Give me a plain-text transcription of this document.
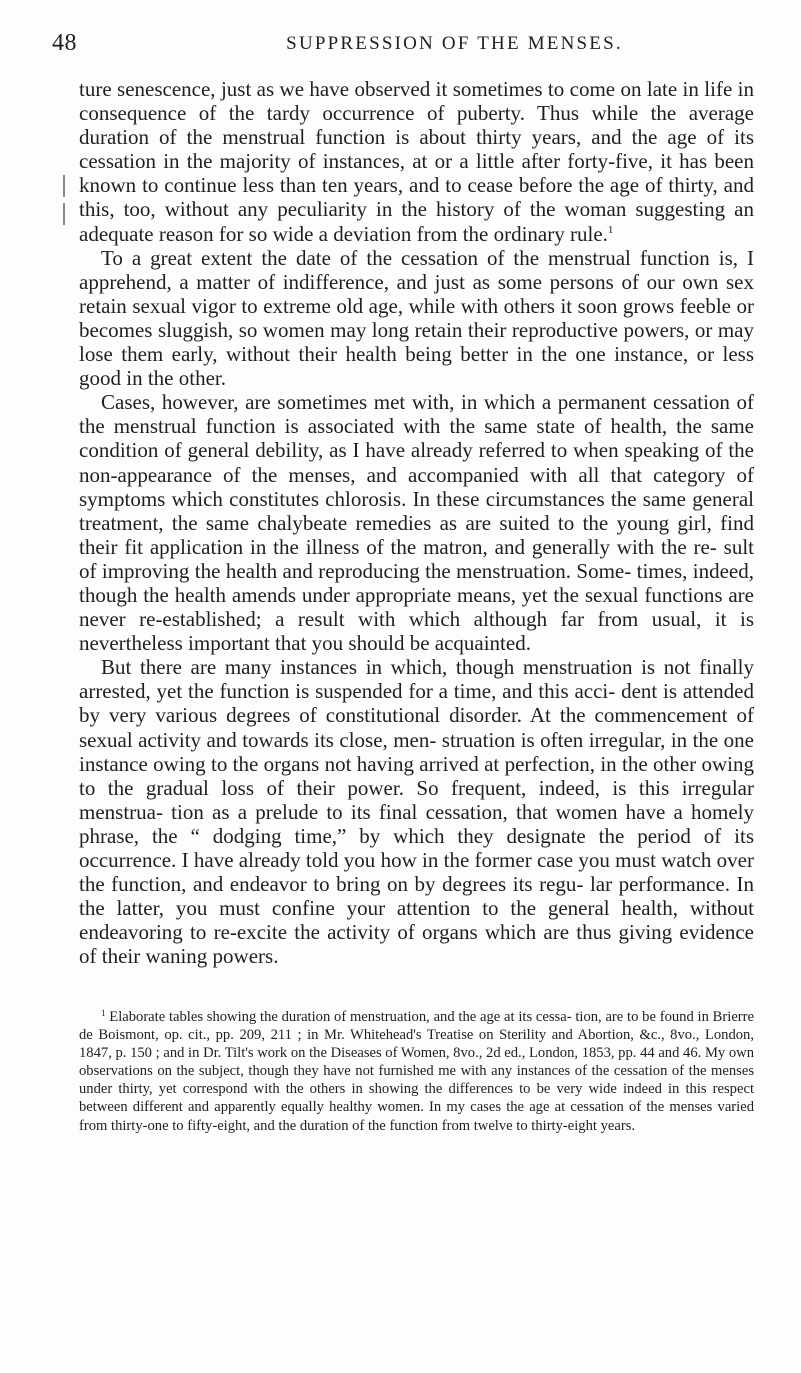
48	SUPPRESSION OF THE MENSES.

ture senescence, just as we have observed it sometimes to come on late in life in consequence of the tardy occurrence of puberty. Thus while the average duration of the menstrual function is about thirty years, and the age of its cessation in the majority of instances, at or a little after forty-five, it has been known to continue less than ten years, and to cease before the age of thirty, and this, too, without any peculiarity in the history of the woman suggesting an adequate reason for so wide a deviation from the ordinary rule.$^1$

To a great extent the date of the cessation of the menstrual function is, I apprehend, a matter of indifference, and just as some persons of our own sex retain sexual vigor to extreme old age, while with others it soon grows feeble or becomes sluggish, so women may long retain their reproductive powers, or may lose them early, without their health being better in the one instance, or less good in the other.

Cases, however, are sometimes met with, in which a permanent cessation of the menstrual function is associated with the same state of health, the same condition of general debility, as I have already referred to when speaking of the non-appearance of the menses, and accompanied with all that category of symptoms which constitutes chlorosis. In these circumstances the same general treatment, the same chalybeate remedies as are suited to the young girl, find their fit application in the illness of the matron, and generally with the re- sult of improving the health and reproducing the menstruation. Some- times, indeed, though the health amends under appropriate means, yet the sexual functions are never re-established; a result with which although far from usual, it is nevertheless important that you should be acquainted.

But there are many instances in which, though menstruation is not finally arrested, yet the function is suspended for a time, and this acci- dent is attended by very various degrees of constitutional disorder. At the commencement of sexual activity and towards its close, men- struation is often irregular, in the one instance owing to the organs not having arrived at perfection, in the other owing to the gradual loss of their power. So frequent, indeed, is this irregular menstrua- tion as a prelude to its final cessation, that women have a homely phrase, the “ dodging time,” by which they designate the period of its occurrence. I have already told you how in the former case you must watch over the function, and endeavor to bring on by degrees its regu- lar performance. In the latter, you must confine your attention to the general health, without endeavoring to re-excite the activity of organs which are thus giving evidence of their waning powers.

$^1$ Elaborate tables showing the duration of menstruation, and the age at its cessa- tion, are to be found in Brierre de Boismont, op. cit., pp. 209, 211 ; in Mr. Whitehead's Treatise on Sterility and Abortion, &c., 8vo., London, 1847, p. 150 ; and in Dr. Tilt's work on the Diseases of Women, 8vo., 2d ed., London, 1853, pp. 44 and 46. My own observations on the subject, though they have not furnished me with any instances of the cessation of the menses under thirty, yet correspond with the others in showing the differences to be very wide indeed in this respect between different and apparently equally healthy women. In my cases the age at cessation of the menses varied from thirty-one to fifty-eight, and the duration of the function from twelve to thirty-eight years.
